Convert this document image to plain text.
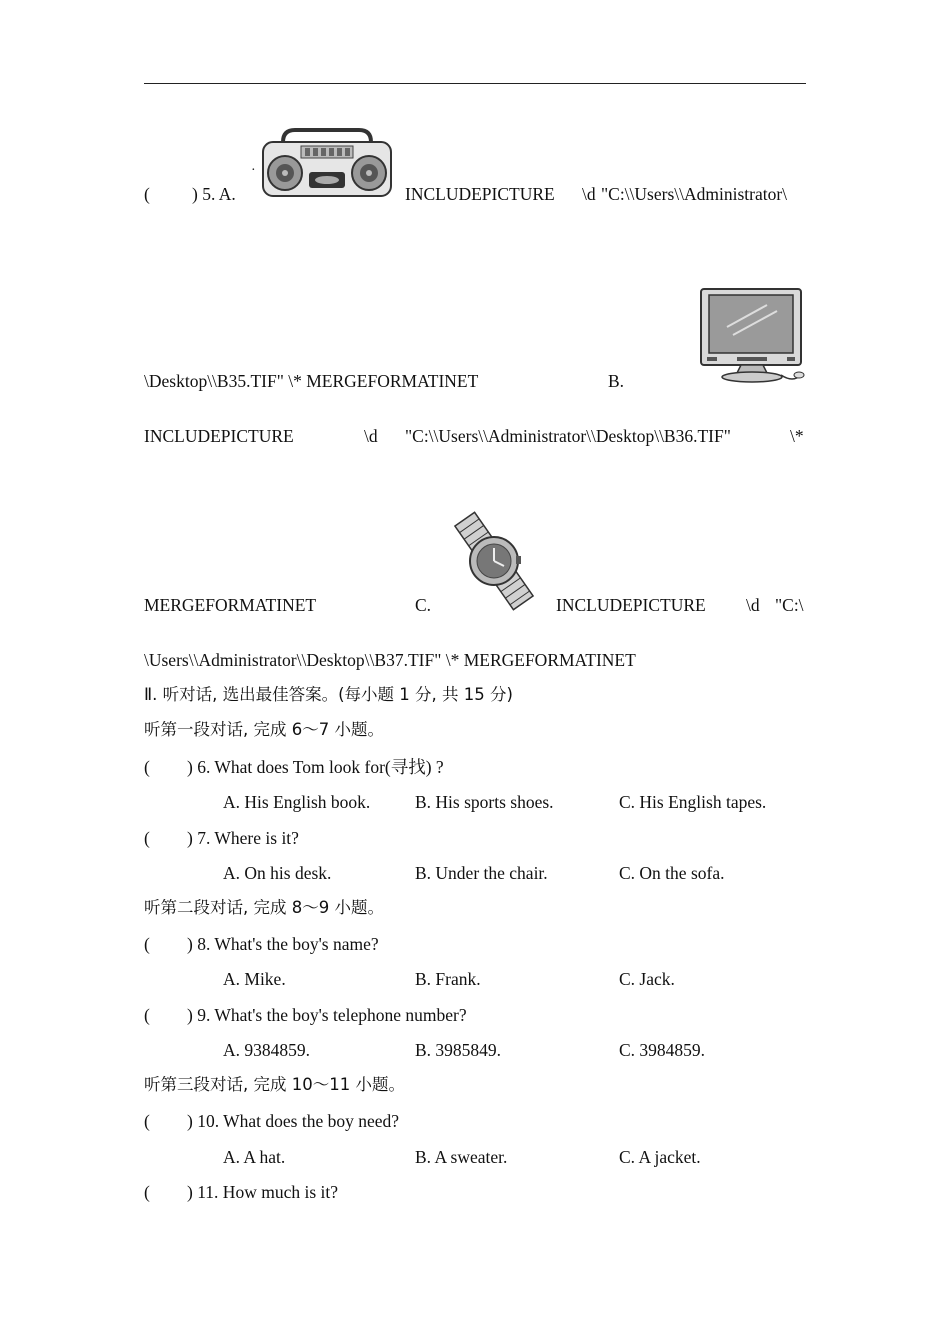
( ) 5. A.
·
INCLUDEPICTURE \d "C:\\Users\\Administrator\
\Desktop\\B35.TIF" \* MERGEFORMATINET	B.
INCLUDEPICTURE	\d "C:\\Users\\Administrator\\Desktop\\B36.TIF"	\*
MERGEFORMATINET	C.	INCLUDEPICTURE \d "C:\
\Users\\Administrator\\Desktop\\B37.TIF" \* MERGEFORMATINET
Ⅱ. 听对话, 选出最佳答案。(每小题 1 分, 共 15 分)
听第一段对话, 完成 6～7 小题。
( ) 6. What does Tom look for(寻找) ?
A. His English book.	B. His sports shoes.	C. His English tapes.
( ) 7. Where is it?
A. On his desk.	B. Under the chair.	C. On the sofa.
听第二段对话, 完成 8～9 小题。
( ) 8. What's the boy's name?
A. Mike.	B. Frank.	C. Jack.
( ) 9. What's the boy's telephone number?
A. 9384859.	B. 3985849.	C. 3984859.
听第三段对话, 完成 10～11 小题。
( ) 10. What does the boy need?
A. A hat.	B. A sweater.	C. A jacket.
( ) 11. How much is it?
